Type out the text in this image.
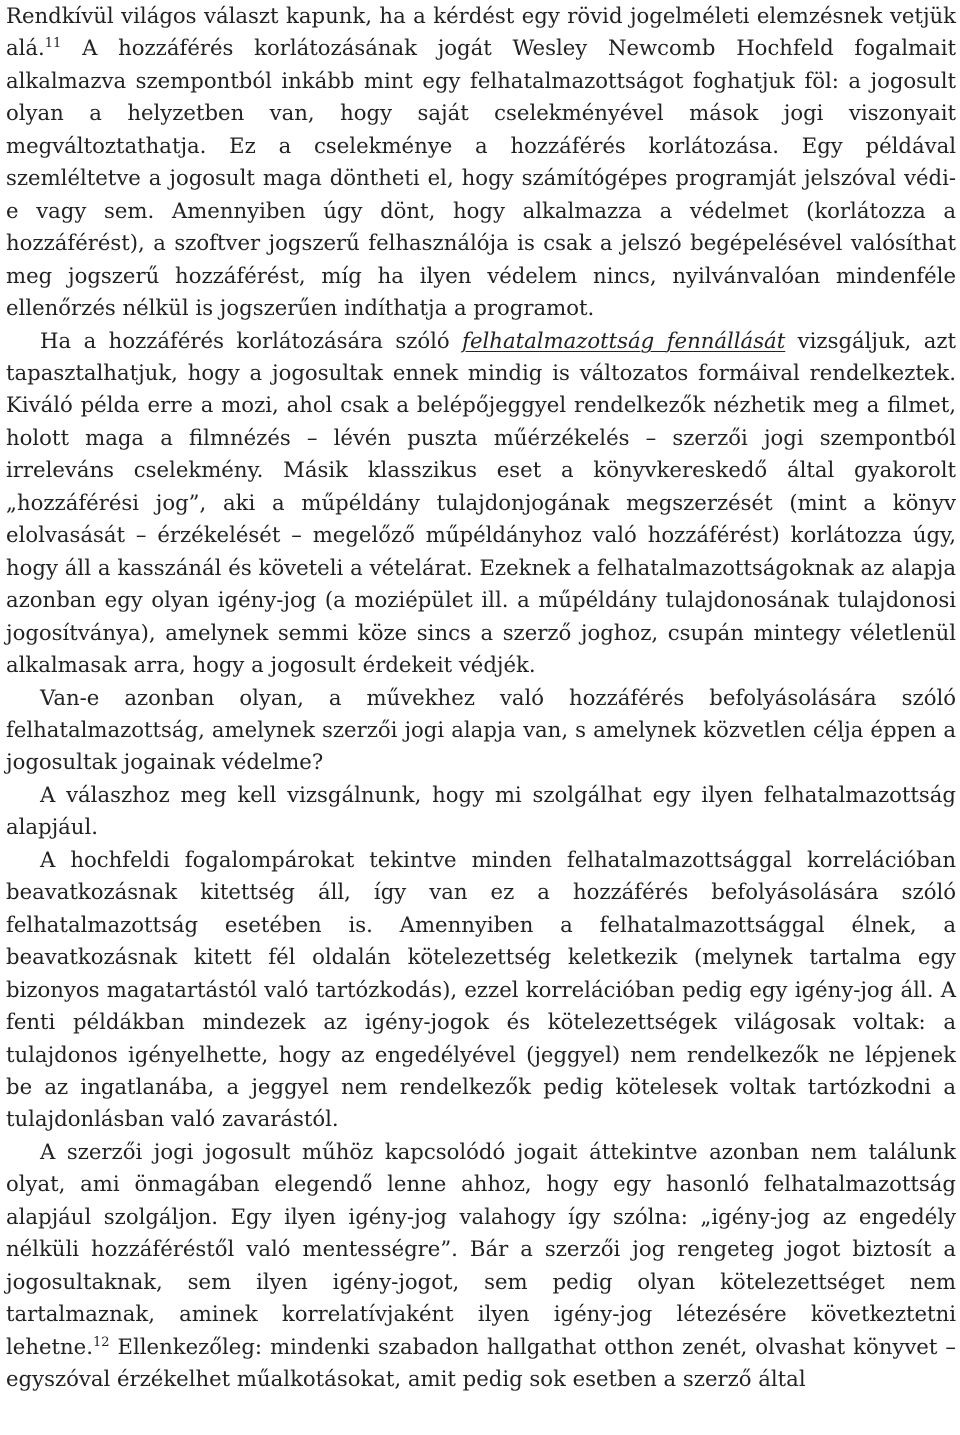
Rendkívül világos választ kapunk, ha a kérdést egy rövid jogelméleti elemzésnek vetjük alá.$^{11}$ A hozzáférés korlátozásának jogát Wesley Newcomb Hochfeld fogalmait alkalmazva szempontból inkább mint egy felhatalmazottságot foghatjuk föl: a jogosult olyan a helyzetben van, hogy saját cselekményével mások jogi viszonyait megváltoztathatja. Ez a cselekménye a hozzáférés korlátozása. Egy példával szemléltetve a jogosult maga döntheti el, hogy számítógépes programját jelszóval védi-e vagy sem. Amennyiben úgy dönt, hogy alkalmazza a védelmet (korlátozza a hozzáférést), a szoftver jogszerű felhasználója is csak a jelszó begépelésével valósíthat meg jogszerű hozzáférést, míg ha ilyen védelem nincs, nyilvánvalóan mindenféle ellenőrzés nélkül is jogszerűen indíthatja a programot.

Ha a hozzáférés korlátozására szóló felhatalmazottság fennállását vizsgáljuk, azt tapasztalhatjuk, hogy a jogosultak ennek mindig is változatos formáival rendelkeztek. Kiváló példa erre a mozi, ahol csak a belépőjeggyel rendelkezők nézhetik meg a filmet, holott maga a filmnézés – lévén puszta műérzékelés – szerzői jogi szempontból irreleváns cselekmény. Másik klasszikus eset a könyvkereskedő által gyakorolt „hozzáférési jog”, aki a műpéldány tulajdonjogának megszerzését (mint a könyv elolvasását – érzékelését – megelőző műpéldányhoz való hozzáférést) korlátozza úgy, hogy áll a kasszánál és követeli a vételárat. Ezeknek a felhatalmazottságoknak az alapja azonban egy olyan igény-jog (a moziépület ill. a műpéldány tulajdonosának tulajdonosi jogosítványa), amelynek semmi köze sincs a szerző joghoz, csupán mintegy véletlenül alkalmasak arra, hogy a jogosult érdekeit védjék.

Van-e azonban olyan, a művekhez való hozzáférés befolyásolására szóló felhatalmazottság, amelynek szerzői jogi alapja van, s amelynek közvetlen célja éppen a jogosultak jogainak védelme?

A válaszhoz meg kell vizsgálnunk, hogy mi szolgálhat egy ilyen felhatalmazottság alapjául.

A hochfeldi fogalompárokat tekintve minden felhatalmazottsággal korrelációban beavatkozásnak kitettség áll, így van ez a hozzáférés befolyásolására szóló felhatalmazottság esetében is. Amennyiben a felhatalmazottsággal élnek, a beavatkozásnak kitett fél oldalán kötelezettség keletkezik (melynek tartalma egy bizonyos magatartástól való tartózkodás), ezzel korrelációban pedig egy igény-jog áll. A fenti példákban mindezek az igény-jogok és kötelezettségek világosak voltak: a tulajdonos igényelhette, hogy az engedélyével (jeggyel) nem rendelkezők ne lépjenek be az ingatlanába, a jeggyel nem rendelkezők pedig kötelesek voltak tartózkodni a tulajdonlásban való zavarástól.

A szerzői jogi jogosult műhöz kapcsolódó jogait áttekintve azonban nem találunk olyat, ami önmagában elegendő lenne ahhoz, hogy egy hasonló felhatalmazottság alapjául szolgáljon. Egy ilyen igény-jog valahogy így szólna: „igény-jog az engedély nélküli hozzáféréstől való mentességre”. Bár a szerzői jog rengeteg jogot biztosít a jogosultaknak, sem ilyen igény-jogot, sem pedig olyan kötelezettséget nem tartalmaznak, aminek korrelatívjaként ilyen igény-jog létezésére következtetni lehetne.$^{12}$ Ellenkezőleg: mindenki szabadon hallgathat otthon zenét, olvashat könyvet – egyszóval érzékelhet műalkotásokat, amit pedig sok esetben a szerző által
